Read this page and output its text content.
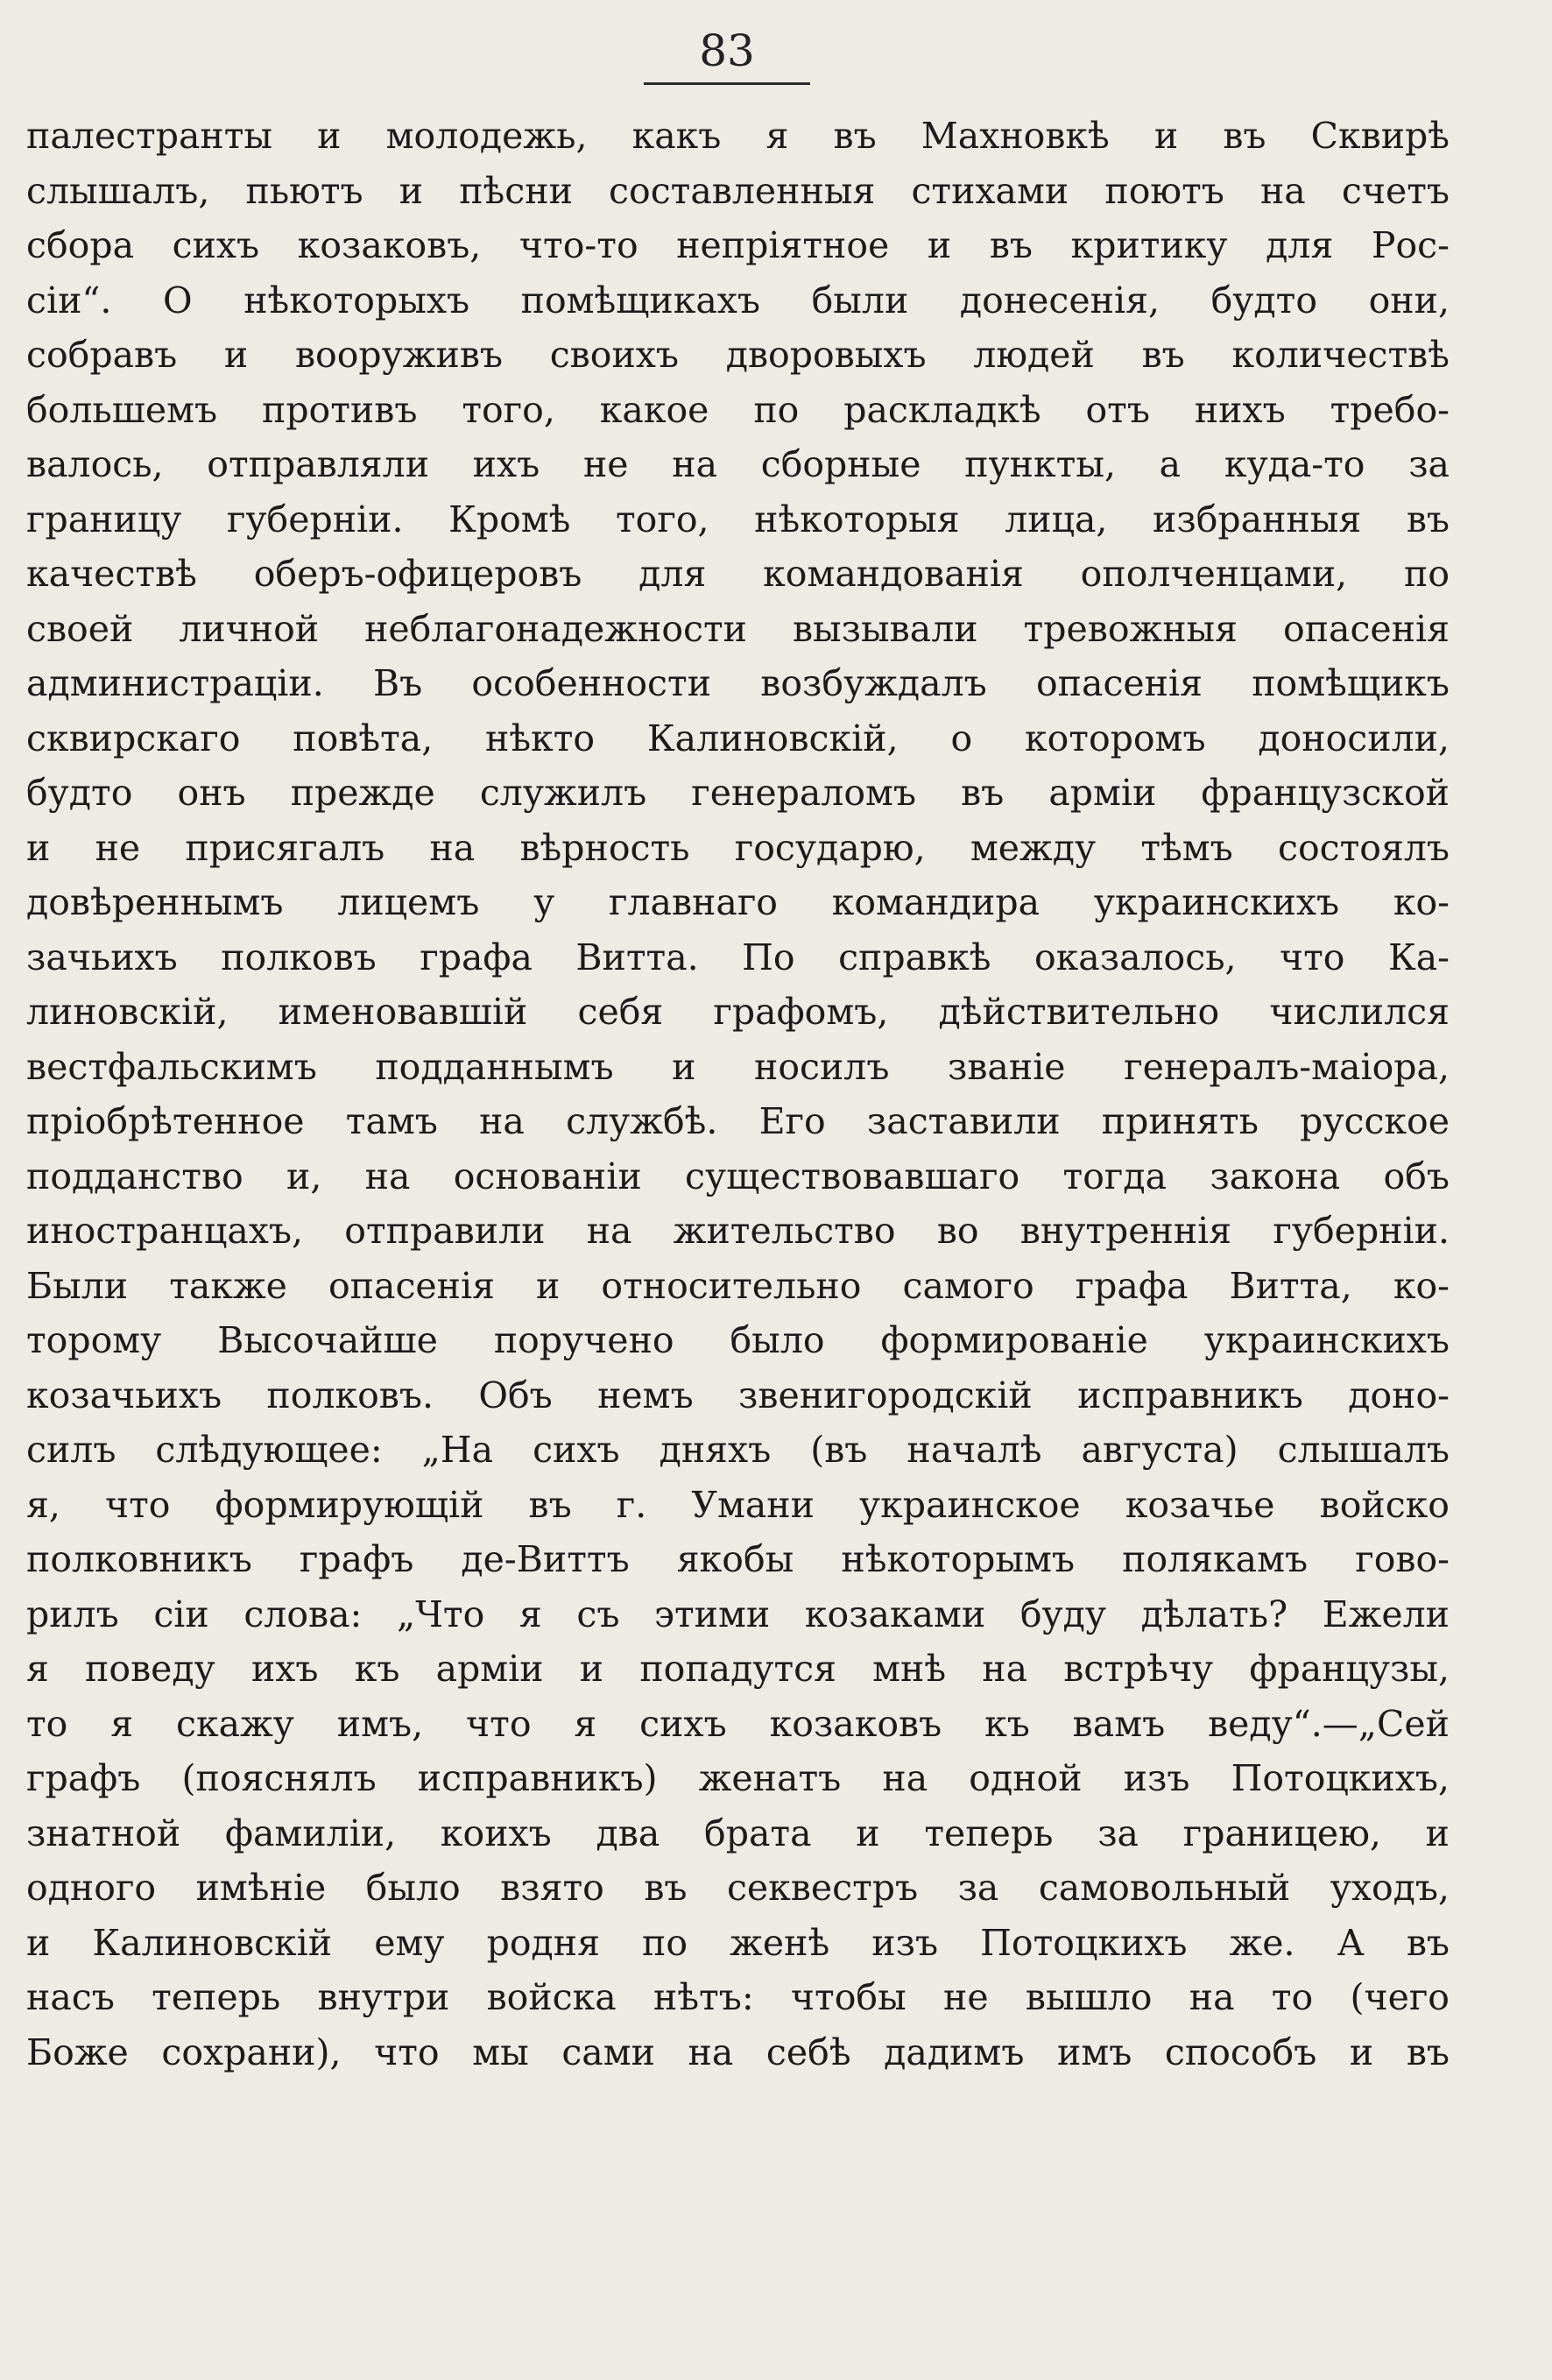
83
палестранты и молодежь, какъ я въ Махновкѣ и въ Сквирѣ
слышалъ, пьютъ и пѣсни составленныя стихами поютъ на счетъ
сбора сихъ козаковъ, что-то непріятное и въ критику для Рос-
сіи“. О нѣкоторыхъ помѣщикахъ были донесенія, будто они,
собравъ и вооруживъ своихъ дворовыхъ людей въ количествѣ
большемъ противъ того, какое по раскладкѣ отъ нихъ требо-
валось, отправляли ихъ не на сборные пункты, а куда-то за
границу губерніи. Кромѣ того, нѣкоторыя лица, избранныя въ
качествѣ оберъ-офицеровъ для командованія ополченцами, по
своей личной неблагонадежности вызывали тревожныя опасенія
администраціи. Въ особенности возбуждалъ опасенія помѣщикъ
сквирскаго повѣта, нѣкто Калиновскій, о которомъ доносили,
будто онъ прежде служилъ генераломъ въ арміи французской
и не присягалъ на вѣрность государю, между тѣмъ состоялъ
довѣреннымъ лицемъ у главнаго командира украинскихъ ко-
зачьихъ полковъ графа Витта. По справкѣ оказалось, что Ка-
линовскій, именовавшій себя графомъ, дѣйствительно числился
вестфальскимъ подданнымъ и носилъ званіе генералъ-маіора,
пріобрѣтенное тамъ на службѣ. Его заставили принять русское
подданство и, на основаніи существовавшаго тогда закона объ
иностранцахъ, отправили на жительство во внутреннія губерніи.
Были также опасенія и относительно самого графа Витта, ко-
торому Высочайше поручено было формированіе украинскихъ
козачьихъ полковъ. Объ немъ звенигородскій исправникъ доно-
силъ слѣдующее: „На сихъ дняхъ (въ началѣ августа) слышалъ
я, что формирующій въ г. Умани украинское козачье войско
полковникъ графъ де-Виттъ якобы нѣкоторымъ полякамъ гово-
рилъ сіи слова: „Что я съ этими козаками буду дѣлать? Ежели
я поведу ихъ къ арміи и попадутся мнѣ на встрѣчу французы,
то я скажу имъ, что я сихъ козаковъ къ вамъ веду“.—„Сей
графъ (пояснялъ исправникъ) женатъ на одной изъ Потоцкихъ,
знатной фамиліи, коихъ два брата и теперь за границею, и
одного имѣніе было взято въ секвестръ за самовольный уходъ,
и Калиновскій ему родня по женѣ изъ Потоцкихъ же. А въ
насъ теперь внутри войска нѣтъ: чтобы не вышло на то (чего
Боже сохрани), что мы сами на себѣ дадимъ имъ способъ и въ
